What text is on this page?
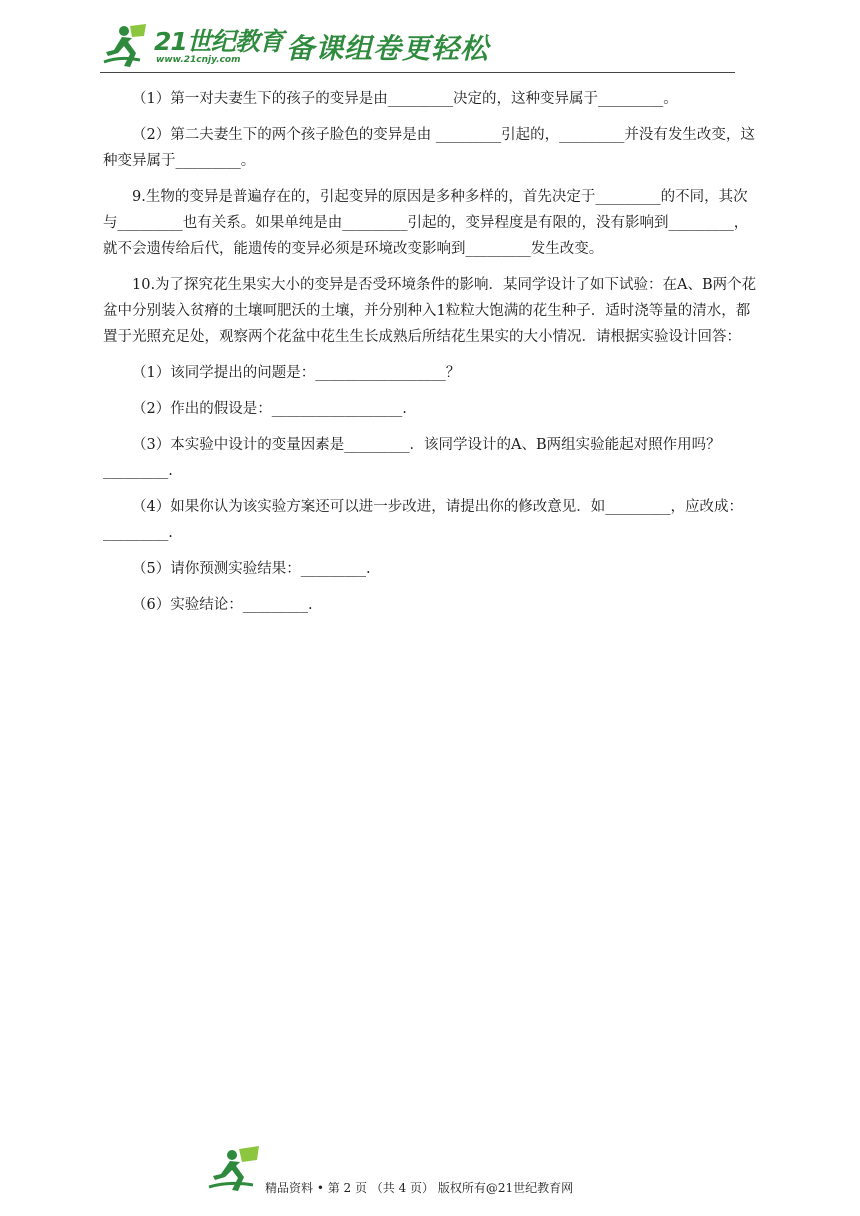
21世纪教育
www.21cnjy.com 备课组卷更轻松

（1）第一对夫妻生下的孩子的变异是由_________决定的，这种变异属于_________。

（2）第二夫妻生下的两个孩子脸色的变异是由 _________引起的，_________并没有发生改变，这种变异属于_________。

9.生物的变异是普遍存在的，引起变异的原因是多种多样的，首先决定于_________的不同，其次与_________也有关系。如果单纯是由_________引起的，变异程度是有限的，没有影响到_________，就不会遗传给后代，能遗传的变异必须是环境改变影响到_________发生改变。

10.为了探究花生果实大小的变异是否受环境条件的影响．某同学设计了如下试验：在A、B两个花盆中分别装入贫瘠的土壤呵肥沃的土壤，并分别种入1粒粒大饱满的花生种子．适时浇等量的清水，都置于光照充足处，观察两个花盆中花生生长成熟后所结花生果实的大小情况．请根据实验设计回答：

（1）该同学提出的问题是：__________________？

（2）作出的假设是：__________________.

（3）本实验中设计的变量因素是_________．该同学设计的A、B两组实验能起对照作用吗？_________.

（4）如果你认为该实验方案还可以进一步改进，请提出你的修改意见．如_________，应改成：_________.

（5）请你预测实验结果：_________.

（6）实验结论：_________.

精品资料 • 第 2 页 （共 4 页） 版权所有@21世纪教育网
